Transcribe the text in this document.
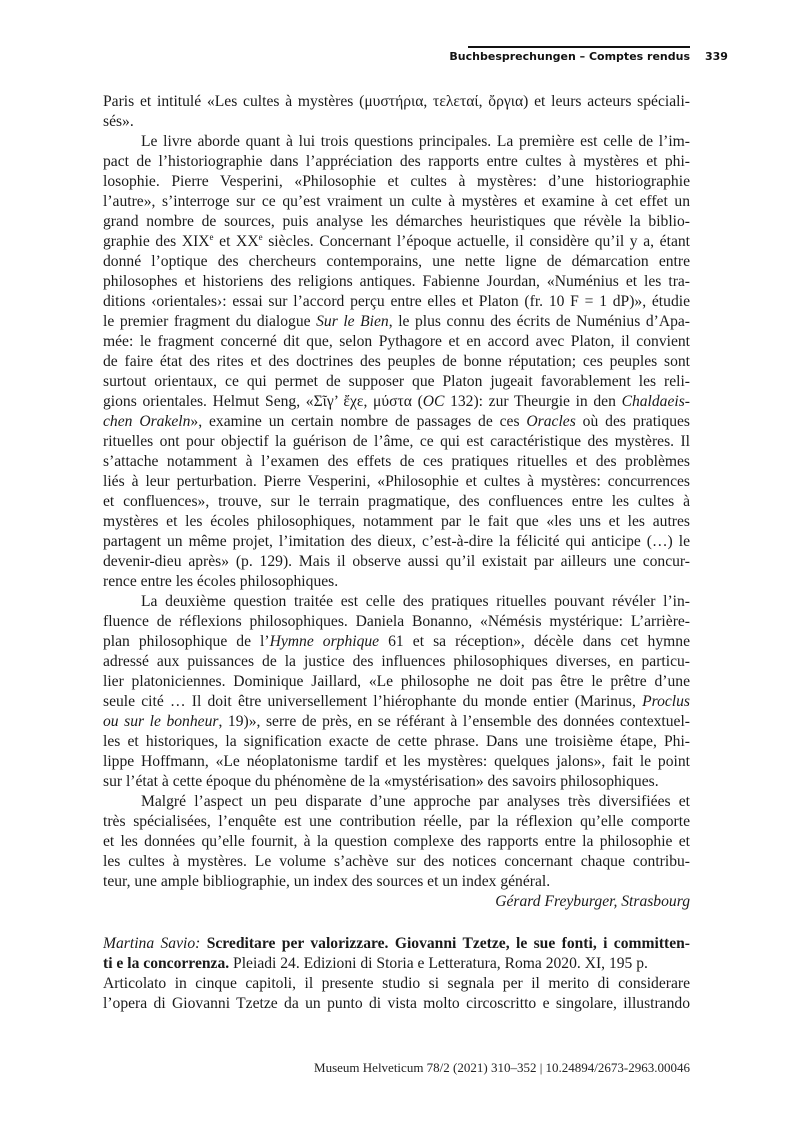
Buchbesprechungen – Comptes rendus 339
Paris et intitulé «Les cultes à mystères (μυστήρια, τελεταί, ὄργια) et leurs acteurs spéciali-
sés».
Le livre aborde quant à lui trois questions principales. La première est celle de l’im-
pact de l’historiographie dans l’appréciation des rapports entre cultes à mystères et phi-
losophie. Pierre Vesperini, «Philosophie et cultes à mystères: d’une historiographie
l’autre», s’interroge sur ce qu’est vraiment un culte à mystères et examine à cet effet un
grand nombre de sources, puis analyse les démarches heuristiques que révèle la biblio-
graphie des XIXe et XXe siècles. Concernant l’époque actuelle, il considère qu’il y a, étant
donné l’optique des chercheurs contemporains, une nette ligne de démarcation entre
philosophes et historiens des religions antiques. Fabienne Jourdan, «Numénius et les tra-
ditions ‹orientales›: essai sur l’accord perçu entre elles et Platon (fr. 10 F = 1 dP)», étudie
le premier fragment du dialogue Sur le Bien, le plus connu des écrits de Numénius d’Apa-
mée: le fragment concerné dit que, selon Pythagore et en accord avec Platon, il convient
de faire état des rites et des doctrines des peuples de bonne réputation; ces peuples sont
surtout orientaux, ce qui permet de supposer que Platon jugeait favorablement les reli-
gions orientales. Helmut Seng, «Σῖγ’ ἔχε, μύστα (OC 132): zur Theurgie in den Chaldaeis-
chen Orakeln», examine un certain nombre de passages de ces Oracles où des pratiques
rituelles ont pour objectif la guérison de l’âme, ce qui est caractéristique des mystères. Il
s’attache notamment à l’examen des effets de ces pratiques rituelles et des problèmes
liés à leur perturbation. Pierre Vesperini, «Philosophie et cultes à mystères: concurrences
et confluences», trouve, sur le terrain pragmatique, des confluences entre les cultes à
mystères et les écoles philosophiques, notamment par le fait que «les uns et les autres
partagent un même projet, l’imitation des dieux, c’est-à-dire la félicité qui anticipe (…) le
devenir-dieu après» (p. 129). Mais il observe aussi qu’il existait par ailleurs une concur-
rence entre les écoles philosophiques.
La deuxième question traitée est celle des pratiques rituelles pouvant révéler l’in-
fluence de réflexions philosophiques. Daniela Bonanno, «Némésis mystérique: L’arrière-
plan philosophique de l’Hymne orphique 61 et sa réception», décèle dans cet hymne
adressé aux puissances de la justice des influences philosophiques diverses, en particu-
lier platoniciennes. Dominique Jaillard, «Le philosophe ne doit pas être le prêtre d’une
seule cité … Il doit être universellement l’hiérophante du monde entier (Marinus, Proclus
ou sur le bonheur, 19)», serre de près, en se référant à l’ensemble des données contextuel-
les et historiques, la signification exacte de cette phrase. Dans une troisième étape, Phi-
lippe Hoffmann, «Le néoplatonisme tardif et les mystères: quelques jalons», fait le point
sur l’état à cette époque du phénomène de la «mystérisation» des savoirs philosophiques.
Malgré l’aspect un peu disparate d’une approche par analyses très diversifiées et
très spécialisées, l’enquête est une contribution réelle, par la réflexion qu’elle comporte
et les données qu’elle fournit, à la question complexe des rapports entre la philosophie et
les cultes à mystères. Le volume s’achève sur des notices concernant chaque contribu-
teur, une ample bibliographie, un index des sources et un index général.
Gérard Freyburger, Strasbourg
Martina Savio: Screditare per valorizzare. Giovanni Tzetze, le sue fonti, i committen-
ti e la concorrenza. Pleiadi 24. Edizioni di Storia e Letteratura, Roma 2020. XI, 195 p.
Articolato in cinque capitoli, il presente studio si segnala per il merito di considerare
l’opera di Giovanni Tzetze da un punto di vista molto circoscritto e singolare, illustrando
Museum Helveticum 78/2 (2021) 310–352 | 10.24894/2673-2963.00046
